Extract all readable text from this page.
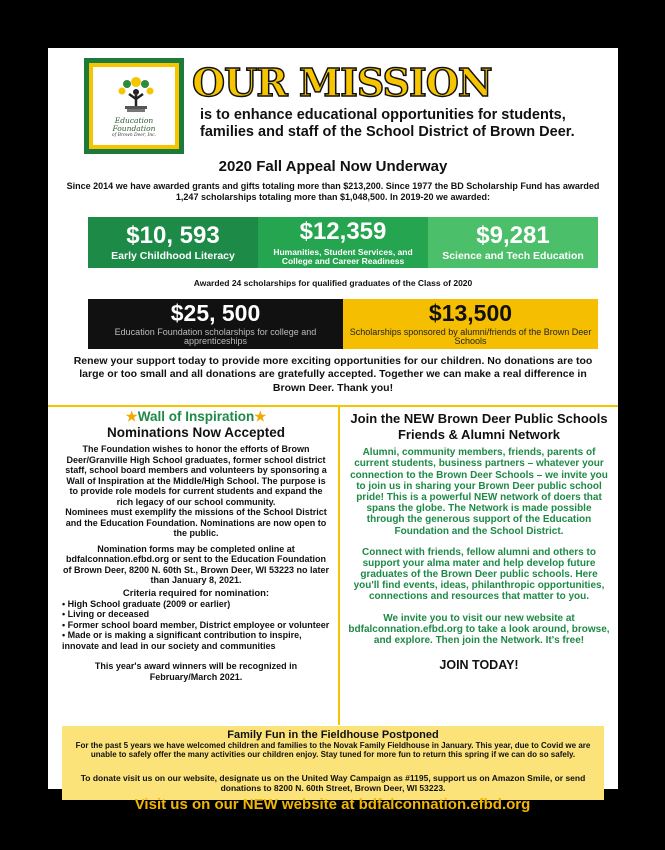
Education Foundation
of Brown Deer, Inc.
OUR MISSION
is to enhance educational opportunities for students, families and staff of the School District of Brown Deer.
2020 Fall Appeal Now Underway
Since 2014 we have awarded grants and gifts totaling more than $213,200. Since 1977 the BD Scholarship Fund has awarded 1,247 scholarships totaling more than $1,048,500. In 2019-20 we awarded:
$10, 593
Early Childhood Literacy
$12,359
Humanities, Student Services, and College and Career Readiness
$9,281
Science and Tech Education
Awarded 24 scholarships for qualified graduates of the Class of 2020
$25, 500
Education Foundation scholarships for college and apprenticeships
$13,500
Scholarships sponsored by alumni/friends of the Brown Deer Schools
Renew your support today to provide more exciting opportunities for our children. No donations are too large or too small and all donations are gratefully accepted. Together we can make a real difference in Brown Deer. Thank you!
★Wall of Inspiration★
Nominations Now Accepted

The Foundation wishes to honor the efforts of Brown Deer/Granville High School graduates, former school district staff, school board members and volunteers by sponsoring a Wall of Inspiration at the Middle/High School. The purpose is to provide role models for current students and expand the rich legacy of our school community.

Nominees must exemplify the missions of the School District and the Education Foundation. Nominations are now open to the public.

Nomination forms may be completed online at bdfalconnation.efbd.org or sent to the Education Foundation of Brown Deer, 8200 N. 60th St., Brown Deer, WI 53223 no later than January 8, 2021.

Criteria required for nomination:
• High School graduate (2009 or earlier)
• Living or deceased
• Former school board member, District employee or volunteer
• Made or is making a significant contribution to inspire, innovate and lead in our society and communities
This year's award winners will be recognized in February/March 2021.
Join the NEW Brown Deer Public Schools Friends & Alumni Network

Alumni, community members, friends, parents of current students, business partners – whatever your connection to the Brown Deer Schools – we invite you to join us in sharing your Brown Deer public school pride! This is a powerful NEW network of doers that spans the globe. The Network is made possible through the generous support of the Education Foundation and the School District.

Connect with friends, fellow alumni and others to support your alma mater and help develop future graduates of the Brown Deer public schools. Here you'll find events, ideas, philanthropic opportunities, connections and resources that matter to you.

We invite you to visit our new website at bdfalconnation.efbd.org to take a look around, browse, and explore. Then join the Network. It's free!

JOIN TODAY!
Family Fun in the Fieldhouse Postponed
For the past 5 years we have welcomed children and families to the Novak Family Fieldhouse in January. This year, due to Covid we are unable to safely offer the many activities our children enjoy. Stay tuned for more fun to return this spring if we can do so safely.
To donate visit us on our website, designate us on the United Way Campaign as #1195, support us on Amazon Smile, or send donations to 8200 N. 60th Street, Brown Deer, WI 53223.
Visit us on our NEW website at bdfalconnation.efbd.org
